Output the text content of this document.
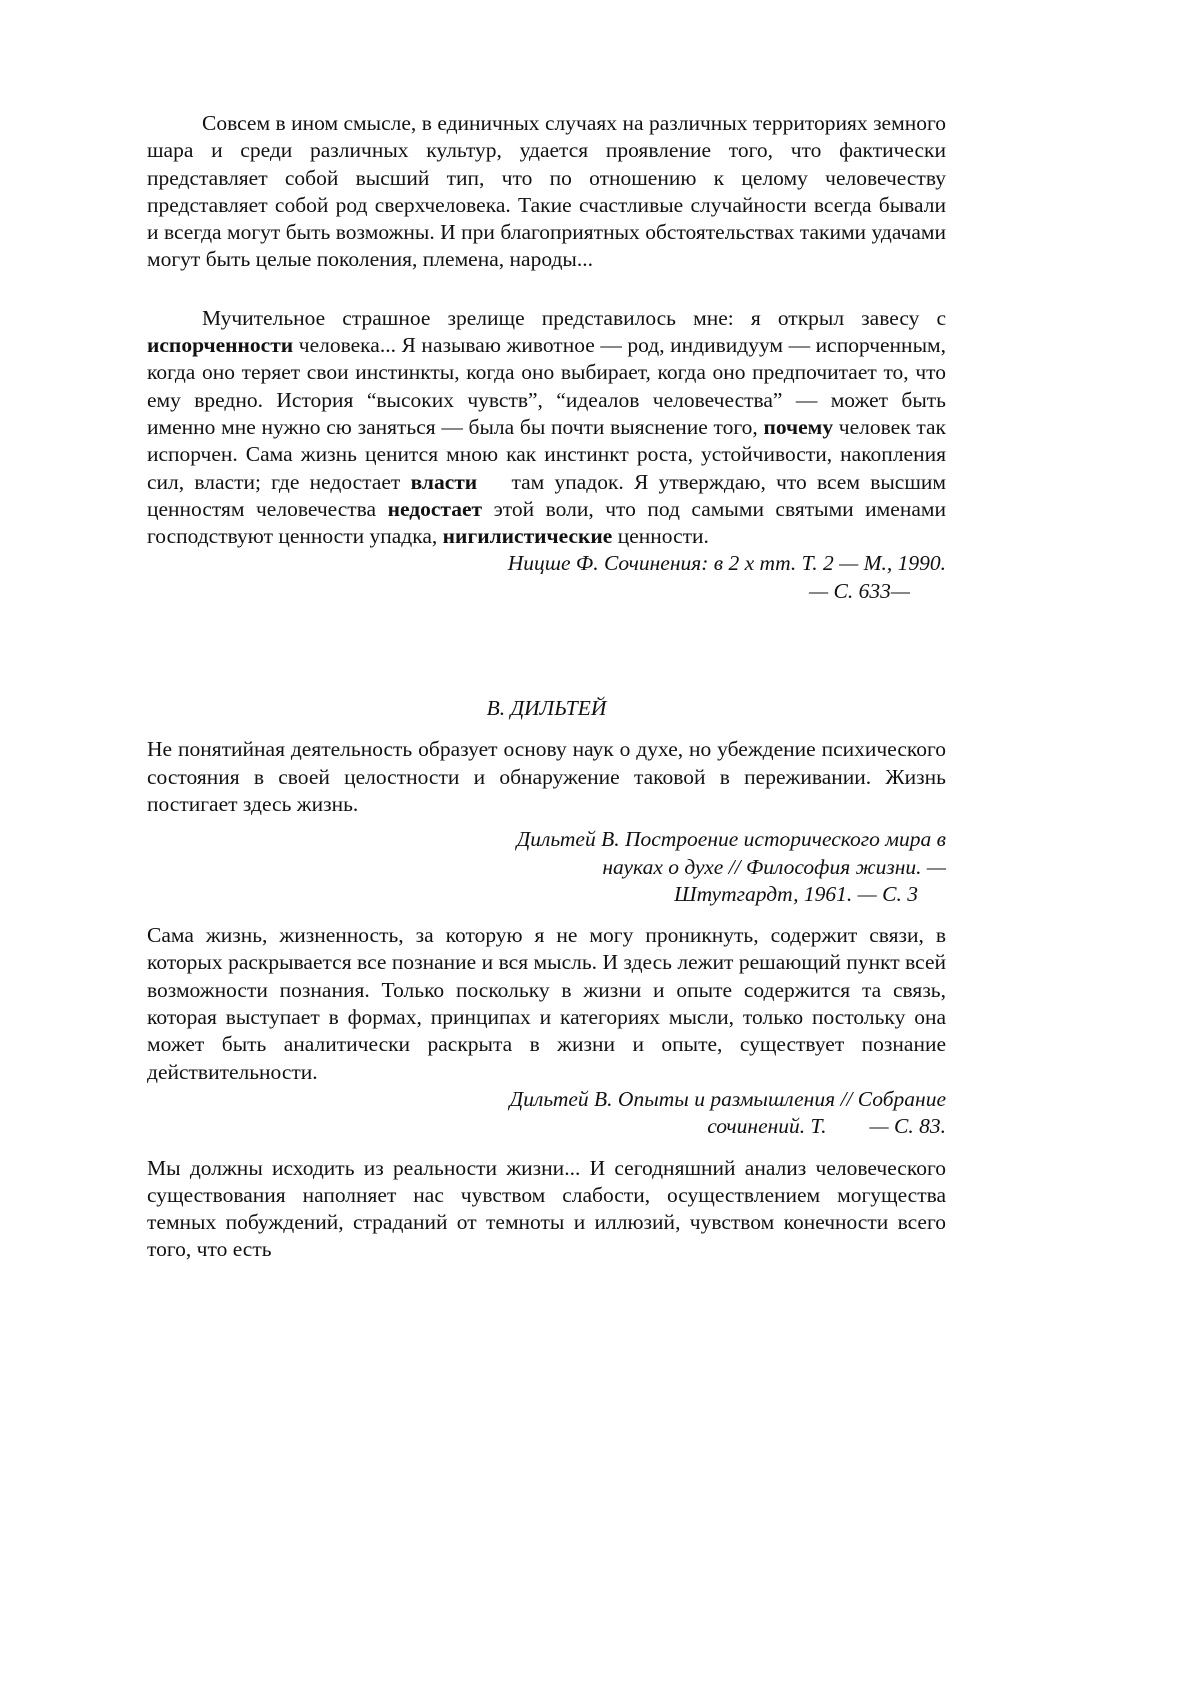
Совсем в ином смысле, в единичных случаях на различных территориях земного шара и среди различных культур, удается проявление того, что фактически представляет собой высший тип, что по отношению к целому человечеству представляет собой род сверхчеловека. Такие счастливые случайности всегда бывали и всегда могут быть возможны. И при благоприятных обстоятельствах такими удачами могут быть целые поколения, племена, народы...

Мучительное страшное зрелище представилось мне: я открыл завесу с испорченности человека... Я называю животное — род, индивидуум — испорченным, когда оно теряет свои инстинкты, когда оно выбирает, когда оно предпочитает то, что ему вредно. История “высоких чувств”, “идеалов человечества” — может быть именно мне нужно сю заняться — была бы почти выяснение того, почему человек так испорчен. Сама жизнь ценится мною как инстинкт роста, устойчивости, накопления сил, власти; где недостает власти там упадок. Я утверждаю, что всем высшим ценностям человечества недостает этой воли, что под самыми святыми именами господствуют ценности упадка, нигилистические ценности.

Ницше Ф. Сочинения: в 2 х тт. Т. 2 — М., 1990.
— С. 633—

В. ДИЛЬТЕЙ

Не понятийная деятельность образует основу наук о духе, но убеждение психического состояния в своей целостности и обнаружение таковой в переживании. Жизнь постигает здесь жизнь.

Дильтей В. Построение исторического мира в
науках о духе // Философия жизни. —
Штутгардт, 1961. — С. 3

Сама жизнь, жизненность, за которую я не могу проникнуть, содержит связи, в которых раскрывается все познание и вся мысль. И здесь лежит решающий пункт всей возможности познания. Только поскольку в жизни и опыте содержится та связь, которая выступает в формах, принципах и категориях мысли, только постольку она может быть аналитически раскрыта в жизни и опыте, существует познание действительности.

Дильтей В. Опыты и размышления // Собрание
сочинений. Т.        — С. 83.

Мы должны исходить из реальности жизни... И сегодняшний анализ человеческого существования наполняет нас чувством слабости, осуществлением могущества темных побуждений, страданий от темноты и иллюзий, чувством конечности всего того, что есть
